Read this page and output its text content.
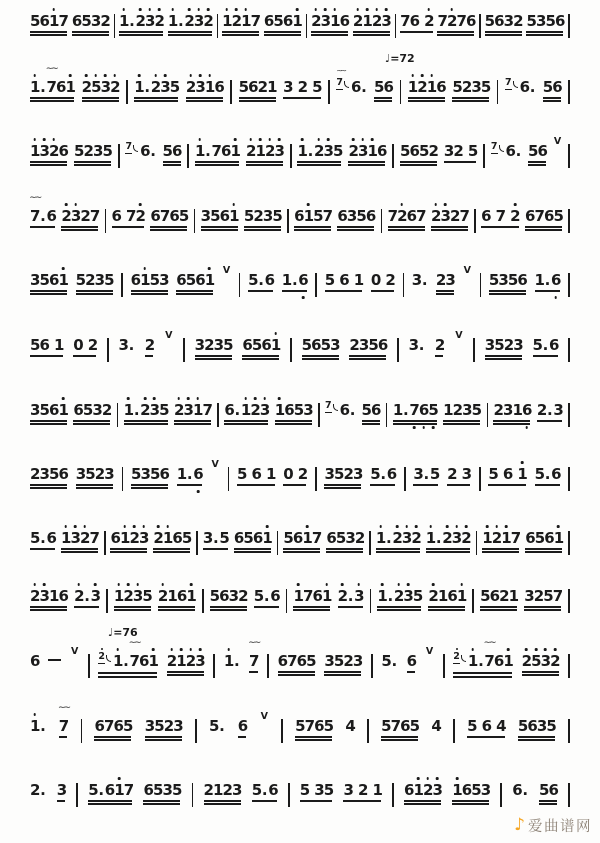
5 6 1 7 6 5 3 2 1 . 2 3 2 1 . 2 3 2 1 2 1 7 6 5 6 1 2 3 1 6 2 1 2 3 7 6
2 7 2 7 6 5 6 3 2 5 3 5 6
♩=72
1 . 7
∼∼
6 1 2 5 3 2 1 . 2 3 5 2 3 1 6 5 6 2 1 3
2
5 7
∼∼
6 . 5 6 1 2 1 6 5 2 3 5 7 6 . 5 6
1 3 2 6 5 2 3 5 7 6 . 5 6 1 . 7 6 1 2 1 2 3 1 . 2 3 5 2 3 1 6 5 6 5 2 3 2
5 7 6 . 5 6
V
7
∼∼
. 6 2 3 2 7 6
7 2 6 7 6 5 3 5 6 1 5 2 3 5 6 1 5 7 6 3 5 6 7 2 6 7 2 3 2 7 6
7
2 6 7 6 5
3 5 6 1 5 2 3 5 6 1 5 3 6 5 6 1
V
5 . 6 1 . 6 5
6
1 0
2 3 . 2 3
V
5 3 5 6 1 . 6
5 6
1 0
2 3 . 2
V
3 2 3 5 6 5 6 1 5 6 5 3 2 3 5 6 3 . 2
V
3 5 2 3 5 . 6
3 5 6 1 6 5 3 2 1 . 2 3 5 2 3 1 7 6 . 1 2 3 1 6 5 3 7 6 . 5 6 1 . 7 6 5 1 2 3 5 2 3 1 6 2 . 3
2 3 5 6 3 5 2 3 5 3 5 6 1 . 6
V
5
6
1 0
2 3 5 2 3 5 . 6 3 . 5 2
3 5
6
1 5 . 6
5 . 6 1 3 2 7 6 1 2 3 2 1 6 5 3 . 5 6 5 6 1 5 6 1 7 6 5 3 2 1 . 2 3 2 1 . 2 3 2 1 2 1 7 6 5 6 1
2 3 1 6 2 . 3 1 2 3 5 2 1 6 1 5 6 3 2 5 . 6 1 7 6 1 2 . 3 1 . 2 3 5 2 1 6 1 5 6 2 1 3 2 5 7
♩=76
6
V 2 1 . 7
∼∼
6 1 2 1 2 3 1 . 7
∼∼
6 7 6 5 3 5 2 3 5 . 6
V 2 1 . 7
∼∼
6 1 2 5 3 2
1 . 7
∼∼
6 7 6 5 3 5 2 3 5 . 6
V
5 7 6 5 4 5 7 6 5 4 5
6
4 5 6 3 5
2 . 3 5 . 6 1 7 6 5 3 5 2 1 2 3 5 . 6 5
3 5 3
2
1 6 1 2 3 1 6 5 3 6 . 5 6
♪ 爱曲谱网
